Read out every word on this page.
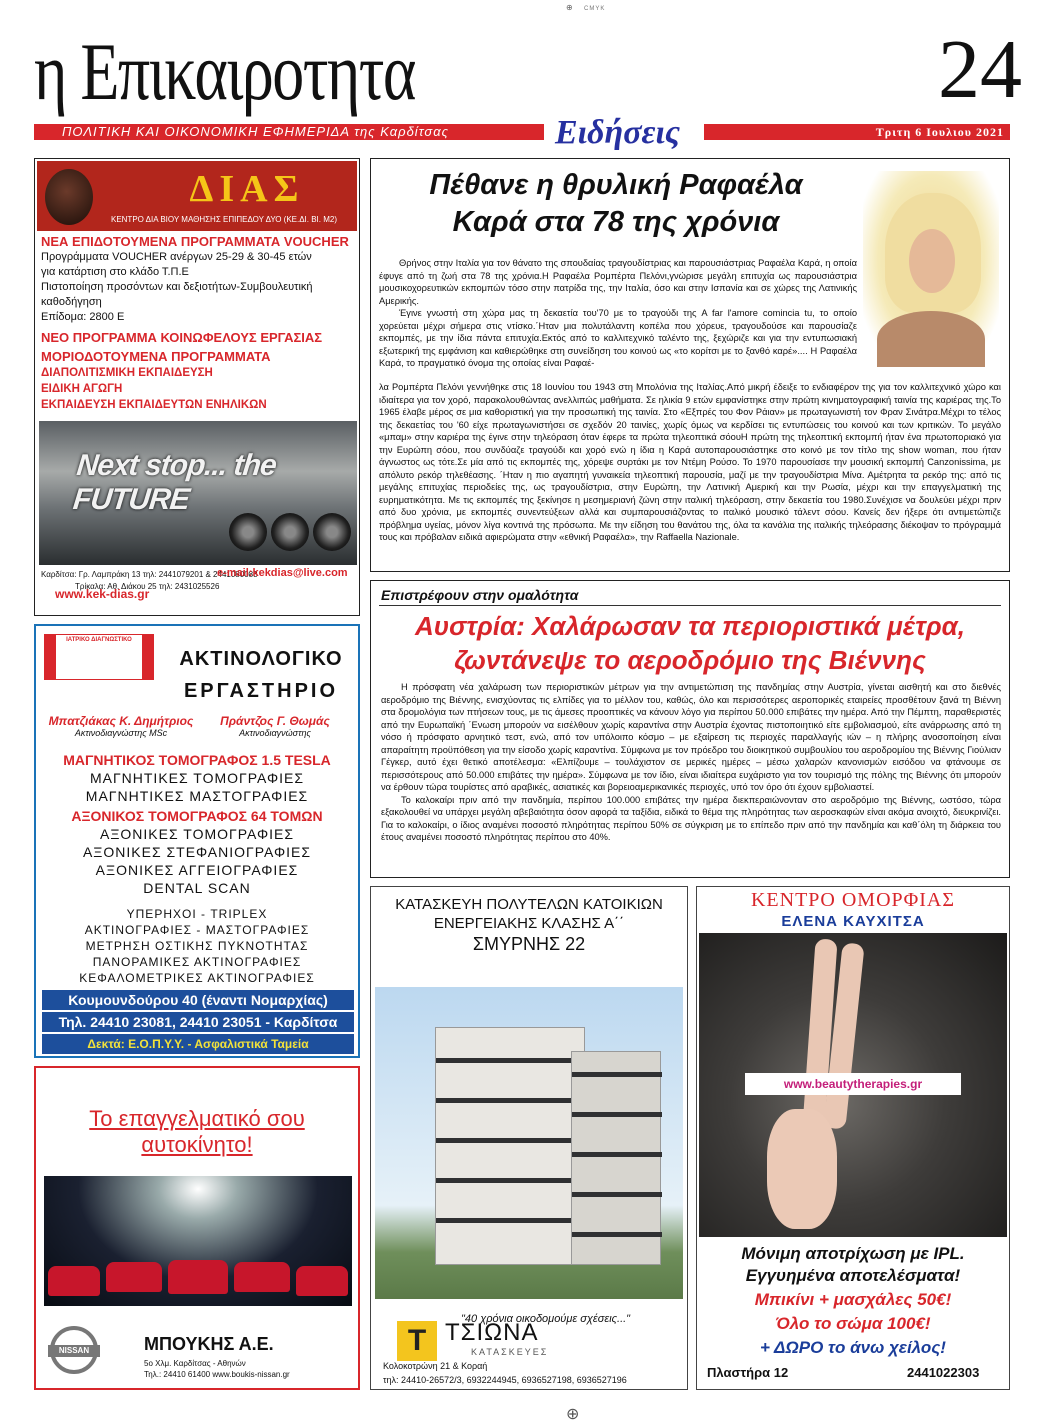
⊕	CMYK
η Επικαιροτητα
ΠΟΛΙΤΙΚΗ ΚΑΙ ΟΙΚΟΝΟΜΙΚΗ ΕΦΗΜΕΡΙΔΑ της Καρδίτσας	Ειδήσεις
24
Τριτη 6 Ιουλιου 2021
ΔΙΑΣ
ΚΕΝΤΡΟ ΔΙΑ ΒΙΟΥ ΜΑΘΗΣΗΣ ΕΠΙΠΕΔΟΥ ΔΥΟ (ΚΕ.ΔΙ. ΒΙ. Μ2)
ΝΕΑ ΕΠΙΔΟΤΟΥΜΕΝΑ ΠΡΟΓΡΑΜΜΑΤΑ VOUCHER
Προγράμματα VOUCHER ανέργων 25-29 & 30-45 ετών
για κατάρτιση στο κλάδο Τ.Π.Ε
Πιστοποίηση προσόντων και δεξιοτήτων-Συμβουλευτική καθοδήγηση
Επίδομα: 2800 Ε
ΝΕΟ ΠΡΟΓΡΑΜΜΑ ΚΟΙΝΩΦΕΛΟΥΣ ΕΡΓΑΣΙΑΣ
ΜΟΡΙΟΔΟΤΟΥΜΕΝΑ ΠΡΟΓΡΑΜΜΑΤΑ
ΔΙΑΠΟΛΙΤΙΣΜΙΚΗ ΕΚΠΑΙΔΕΥΣΗ
ΕΙΔΙΚΗ ΑΓΩΓΗ
ΕΚΠΑΙΔΕΥΣΗ ΕΚΠΑΙΔΕΥΤΩΝ ΕΝΗΛΙΚΩΝ
Next stop... the FUTURE
Καρδίτσα: Γρ. Λαμπράκη 13 τηλ: 2441079201 & 2441080083
Τρίκαλα: Αθ. Διάκου 25 τηλ: 2431025526
e-mail:kekdias@live.com
www.kek-dias.gr
ΙΑΤΡΙΚΟ ΔΙΑΓΝΩΣΤΙΚΟ
ΑΚΤΙΝΟΛΟΓΙΚΟ
ΕΡΓΑΣΤΗΡΙΟ
Μπατζιάκας Κ. Δημήτριος
Ακτινοδιαγνώστης MSc
Πράντζος Γ. Θωμάς
Ακτινοδιαγνώστης
ΜΑΓΝΗΤΙΚΟΣ ΤΟΜΟΓΡΑΦΟΣ 1.5 TESLA
ΜΑΓΝΗΤΙΚΕΣ ΤΟΜΟΓΡΑΦΙΕΣ
ΜΑΓΝΗΤΙΚΕΣ ΜΑΣΤΟΓΡΑΦΙΕΣ
ΑΞΟΝΙΚΟΣ ΤΟΜΟΓΡΑΦΟΣ 64 ΤΟΜΩΝ
ΑΞΟΝΙΚΕΣ ΤΟΜΟΓΡΑΦΙΕΣ
ΑΞΟΝΙΚΕΣ ΣΤΕΦΑΝΙΟΓΡΑΦΙΕΣ
ΑΞΟΝΙΚΕΣ ΑΓΓΕΙΟΓΡΑΦΙΕΣ
DENTAL SCAN
ΥΠΕΡΗΧΟΙ - TRIPLEX
ΑΚΤΙΝΟΓΡΑΦΙΕΣ - ΜΑΣΤΟΓΡΑΦΙΕΣ
ΜΕΤΡΗΣΗ ΟΣΤΙΚΗΣ ΠΥΚΝΟΤΗΤΑΣ
ΠΑΝΟΡΑΜΙΚΕΣ ΑΚΤΙΝΟΓΡΑΦΙΕΣ
ΚΕΦΑΛΟΜΕΤΡΙΚΕΣ ΑΚΤΙΝΟΓΡΑΦΙΕΣ
Κουμουνδούρου 40 (έναντι Νομαρχίας)
Τηλ. 24410 23081, 24410 23051 - Καρδίτσα
Δεκτά: Ε.Ο.Π.Υ.Υ. - Ασφαλιστικά Ταμεία
Το επαγγελματικό σου
αυτοκίνητο!
NISSAN	ΜΠΟΥΚΗΣ Α.Ε.
5ο Χλμ. Καρδίτσας - Αθηνών
Τηλ.: 24410 61400 www.boukis-nissan.gr
Πέθανε η θρυλική Ραφαέλα
Καρά στα 78 της χρόνια

Θρήνος στην Ιταλία για τον θάνατο της σπουδαίας τραγουδίστριας και παρουσιάστριας Ραφαέλα Καρά, η οποία έφυγε από τη ζωή στα 78 της χρόνια.Η Ραφαέλα Ρομπέρτα Πελόνι,γνώρισε μεγάλη επιτυχία ως παρουσιάστρια μουσικοχορευτικών εκπομπών τόσο στην πατρίδα της, την Ιταλία, όσο και στην Ισπανία και σε χώρες της Λατινικής Αμερικής.

Έγινε γνωστή στη χώρα μας τη δεκαετία του'70 με το τραγούδι της A far l'amore comincia tu, το οποίο χορεύεται μέχρι σήμερα στις ντίσκο.΄Ηταν μια πολυτάλαντη κοπέλα που χόρευε, τραγουδούσε και παρουσίαζε εκπομπές, με την ίδια πάντα επιτυχία.Εκτός από το καλλιτεχνικό ταλέντο της, ξεχώριζε και για την εντυπωσιακή εξωτερική της εμφάνιση και καθιερώθηκε στη συνείδηση του κοινού ως «το κορίτσι με το ξανθό καρέ».... Η Ραφαέλα Καρά, το πραγματικό όνομα της οποίας είναι Ραφαέ-

λα Ρομπέρτα Πελόνι γεννήθηκε στις 18 Ιουνίου του 1943 στη Μπολόνια της Ιταλίας.Από μικρή έδειξε το ενδιαφέρον της για τον καλλιτεχνικό χώρο και ιδιαίτερα για τον χορό, παρακολουθώντας ανελλιπώς μαθήματα. Σε ηλικία 9 ετών εμφανίστηκε στην πρώτη κινηματογραφική ταινία της καριέρας της.Το 1965 έλαβε μέρος σε μια καθοριστική για την προσωπική της ταινία. Στο «Εξπρές του Φον Ράιαν» με πρωταγωνιστή τον Φραν Σινάτρα.Μέχρι το τέλος της δεκαετίας του '60 είχε πρωταγωνιστήσει σε σχεδόν 20 ταινίες, χωρίς όμως να κερδίσει τις εντυπώσεις του κοινού και των κριτικών. Το μεγάλο «μπαμ» στην καριέρα της έγινε στην τηλεόραση όταν έφερε τα πρώτα τηλεοπτικά σόουΗ πρώτη της τηλεοπτική εκπομπή ήταν ένα πρωτοποριακό για την Ευρώπη σόου, που συνδύαζε τραγούδι και χορό ενώ η ίδια η Καρά αυτοπαρουσιάστηκε στο κοινό με τον τίτλο της show woman, που ήταν άγνωστος ως τότε.Σε μία από τις εκπομπές της, χόρεψε συρτάκι με τον Ντέμη Ρούσο. Το 1970 παρουσίασε την μουσική εκπομπή Canzonissima, με απόλυτο ρεκόρ τηλεθέασης. ΄Ηταν η πιο αγαπητή γυναικεία τηλεοπτική παρουσία, μαζί με την τραγουδίστρια Μίνα. Αμέτρητα τα ρεκόρ της: από τις μεγάλης επιτυχίας περιοδείες της, ως τραγουδίστρια, στην Ευρώπη, την Λατινική Αμερική και την Ρωσία, μέχρι και την επαγγελματική της ευρηματικότητα. Με τις εκπομπές της ξεκίνησε η μεσημεριανή ζώνη στην ιταλική τηλεόραση, στην δεκαετία του 1980.Συνέχισε να δουλεύει μέχρι πριν από δυο χρόνια, με εκπομπές συνεντεύξεων αλλά και συμπαρουσιάζοντας το ιταλικό μουσικό τάλεντ σόου. Κανείς δεν ήξερε ότι αντιμετώπιζε πρόβλημα υγείας, μόνον λίγα κοντινά της πρόσωπα. Με την είδηση του θανάτου της, όλα τα κανάλια της ιταλικής τηλεόρασης διέκοψαν το πρόγραμμά τους και πρόβαλαν ειδικά αφιερώματα στην «εθνική Ραφαέλα», την Raffaella Nazionale.

Επιστρέφουν στην ομαλότητα
Αυστρία: Χαλάρωσαν τα περιοριστικά μέτρα,
ζωντάνεψε το αεροδρόμιο της Βιέννης

Η πρόσφατη νέα χαλάρωση των περιοριστικών μέτρων για την αντιμετώπιση της πανδημίας στην Αυστρία, γίνεται αισθητή και στο διεθνές αεροδρόμιο της Βιέννης, ενισχύοντας τις ελπίδες για το μέλλον του, καθώς, όλο και περισσότερες αεροπορικές εταιρείες προσθέτουν ξανά τη Βιέννη στα δρομολόγια των πτήσεων τους, με τις άμεσες προοπτικές να κάνουν λόγο για περίπου 50.000 επιβάτες την ημέρα. Από την Πέμπτη, παραθεριστές από την Ευρωπαϊκή ΄Ενωση μπορούν να εισέλθουν χωρίς καραντίνα στην Αυστρία έχοντας πιστοποιητικό είτε εμβολιασμού, είτε ανάρρωσης από τη νόσο ή πρόσφατο αρνητικό τεστ, ενώ, από τον υπόλοιπο κόσμο – με εξαίρεση τις περιοχές παραλλαγής ιών – η πλήρης ανοσοποίηση είναι απαραίτητη προϋπόθεση για την είσοδο χωρίς καραντίνα. Σύμφωνα με τον πρόεδρο του διοικητικού συμβουλίου του αεροδρομίου της Βιέννης Γιούλιαν Γέγκερ, αυτό έχει θετικό αποτέλεσμα: «Ελπίζουμε – τουλάχιστον σε μερικές ημέρες – μέσω χαλαρών κανονισμών εισόδου να φτάνουμε σε περισσότερους από 50.000 επιβάτες την ημέρα». Σύμφωνα με τον ίδιο, είναι ιδιαίτερα ευχάριστο για τον τουρισμό της πόλης της Βιέννης ότι μπορούν να έρθουν τώρα τουρίστες από αραβικές, ασιατικές και βορειοαμερικανικές περιοχές, υπό τον όρο ότι έχουν εμβολιαστεί.

Το καλοκαίρι πριν από την πανδημία, περίπου 100.000 επιβάτες την ημέρα διεκπεραιώνονταν στο αεροδρόμιο της Βιέννης, ωστόσο, τώρα εξακολουθεί να υπάρχει μεγάλη αβεβαιότητα όσον αφορά τα ταξίδια, ειδικά το θέμα της πληρότητας των αεροσκαφών είναι ακόμα ανοιχτό, διευκρινίζει. Για το καλοκαίρι, ο ίδιος αναμένει ποσοστό πληρότητας περίπου 50% σε σύγκριση με το επίπεδο πριν από την πανδημία και καθ΄όλη τη διάρκεια του έτους αναμένει ποσοστό πληρότητας περίπου στο 40%.

ΚΑΤΑΣΚΕΥΗ ΠΟΛΥΤΕΛΩΝ ΚΑΤΟΙΚΙΩΝ
ΕΝΕΡΓΕΙΑΚΗΣ ΚΛΑΣΗΣ Α΄΄
ΣΜΥΡΝΗΣ 22
"40 χρόνια οικοδομούμε σχέσεις..."
T ΤΣΙΩΝΑ
ΚΑΤΑΣΚΕΥΕΣ
Κολοκοτρώνη 21 & Κοραή
τηλ: 24410-26572/3, 6932244945, 6936527198, 6936527196
ΚΕΝΤΡΟ ΟΜΟΡΦΙΑΣ
ΕΛΕΝΑ ΚΑΥΧΙΤΣΑ
www.beautytherapies.gr
Μόνιμη αποτρίχωση με IPL.
Εγγυημένα αποτελέσματα!
Μπικίνι + μασχάλες 50€!
Όλο το σώμα 100€!
+ ΔΩΡΟ το άνω χείλος!
Πλαστήρα 12	2441022303
⊕
